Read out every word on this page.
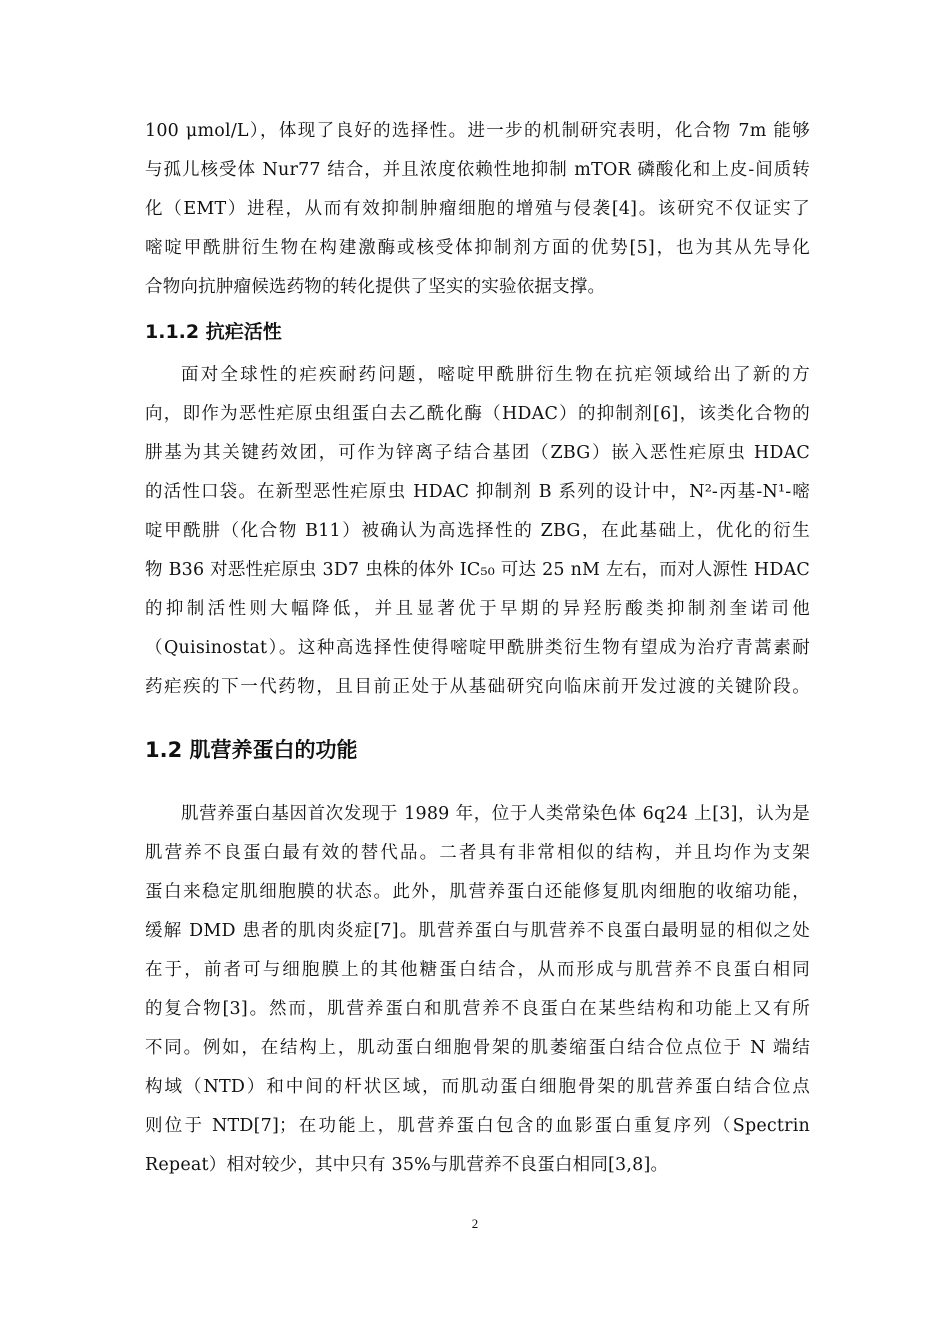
100 μmol/L），体现了良好的选择性。进一步的机制研究表明，化合物 7m 能够
与孤儿核受体 Nur77 结合，并且浓度依赖性地抑制 mTOR 磷酸化和上皮-间质转
化（EMT）进程，从而有效抑制肿瘤细胞的增殖与侵袭[4]。该研究不仅证实了
嘧啶甲酰肼衍生物在构建激酶或核受体抑制剂方面的优势[5]，也为其从先导化
合物向抗肿瘤候选药物的转化提供了坚实的实验依据支撑。
1.1.2 抗疟活性
面对全球性的疟疾耐药问题，嘧啶甲酰肼衍生物在抗疟领域给出了新的方
向，即作为恶性疟原虫组蛋白去乙酰化酶（HDAC）的抑制剂[6]，该类化合物的
肼基为其关键药效团，可作为锌离子结合基团（ZBG）嵌入恶性疟原虫 HDAC
的活性口袋。在新型恶性疟原虫 HDAC 抑制剂 B 系列的设计中，N²-丙基-N¹-嘧
啶甲酰肼（化合物 B11）被确认为高选择性的 ZBG，在此基础上，优化的衍生
物 B36 对恶性疟原虫 3D7 虫株的体外 IC₅₀ 可达 25 nM 左右，而对人源性 HDAC
的抑制活性则大幅降低，并且显著优于早期的异羟肟酸类抑制剂奎诺司他
（Quisinostat）。这种高选择性使得嘧啶甲酰肼类衍生物有望成为治疗青蒿素耐
药疟疾的下一代药物，且目前正处于从基础研究向临床前开发过渡的关键阶段。
1.2 肌营养蛋白的功能
肌营养蛋白基因首次发现于 1989 年，位于人类常染色体 6q24 上[3]，认为是
肌营养不良蛋白最有效的替代品。二者具有非常相似的结构，并且均作为支架
蛋白来稳定肌细胞膜的状态。此外，肌营养蛋白还能修复肌肉细胞的收缩功能，
缓解 DMD 患者的肌肉炎症[7]。肌营养蛋白与肌营养不良蛋白最明显的相似之处
在于，前者可与细胞膜上的其他糖蛋白结合，从而形成与肌营养不良蛋白相同
的复合物[3]。然而，肌营养蛋白和肌营养不良蛋白在某些结构和功能上又有所
不同。例如，在结构上，肌动蛋白细胞骨架的肌萎缩蛋白结合位点位于 N 端结
构域（NTD）和中间的杆状区域，而肌动蛋白细胞骨架的肌营养蛋白结合位点
则位于 NTD[7]；在功能上，肌营养蛋白包含的血影蛋白重复序列（Spectrin
Repeat）相对较少，其中只有 35%与肌营养不良蛋白相同[3,8]。
2
